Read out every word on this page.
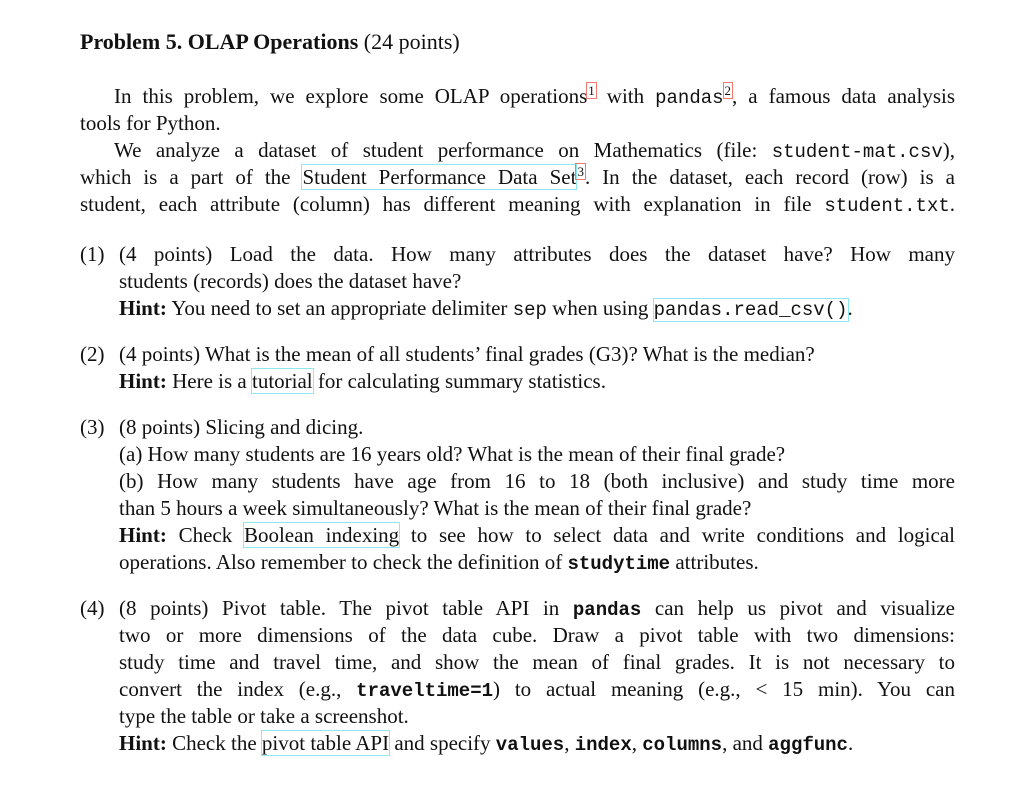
Problem 5. OLAP Operations (24 points)
In this problem, we explore some OLAP operations$^1$ with pandas$^2$, a famous data analysis
tools for Python.
We analyze a dataset of student performance on Mathematics (file: student-mat.csv),
which is a part of the Student Performance Data Set$^3$. In the dataset, each record (row) is a
student, each attribute (column) has different meaning with explanation in file student.txt.
(4 points) Load the data. How many attributes does the dataset have? How many
students (records) does the dataset have?
Hint: You need to set an appropriate delimiter sep when using pandas.read_csv().
(4 points) What is the mean of all students’ final grades (G3)? What is the median?
Hint: Here is a tutorial for calculating summary statistics.
(8 points) Slicing and dicing.
(a) How many students are 16 years old? What is the mean of their final grade?
(b) How many students have age from 16 to 18 (both inclusive) and study time more
than 5 hours a week simultaneously? What is the mean of their final grade?
Hint: Check Boolean indexing to see how to select data and write conditions and logical
operations. Also remember to check the definition of studytime attributes.
(8 points) Pivot table. The pivot table API in pandas can help us pivot and visualize
two or more dimensions of the data cube. Draw a pivot table with two dimensions:
study time and travel time, and show the mean of final grades. It is not necessary to
convert the index (e.g., traveltime=1) to actual meaning (e.g., < 15 min). You can
type the table or take a screenshot.
Hint: Check the pivot table API and specify values, index, columns, and aggfunc.
(1)
(2)
(3)
(4)
